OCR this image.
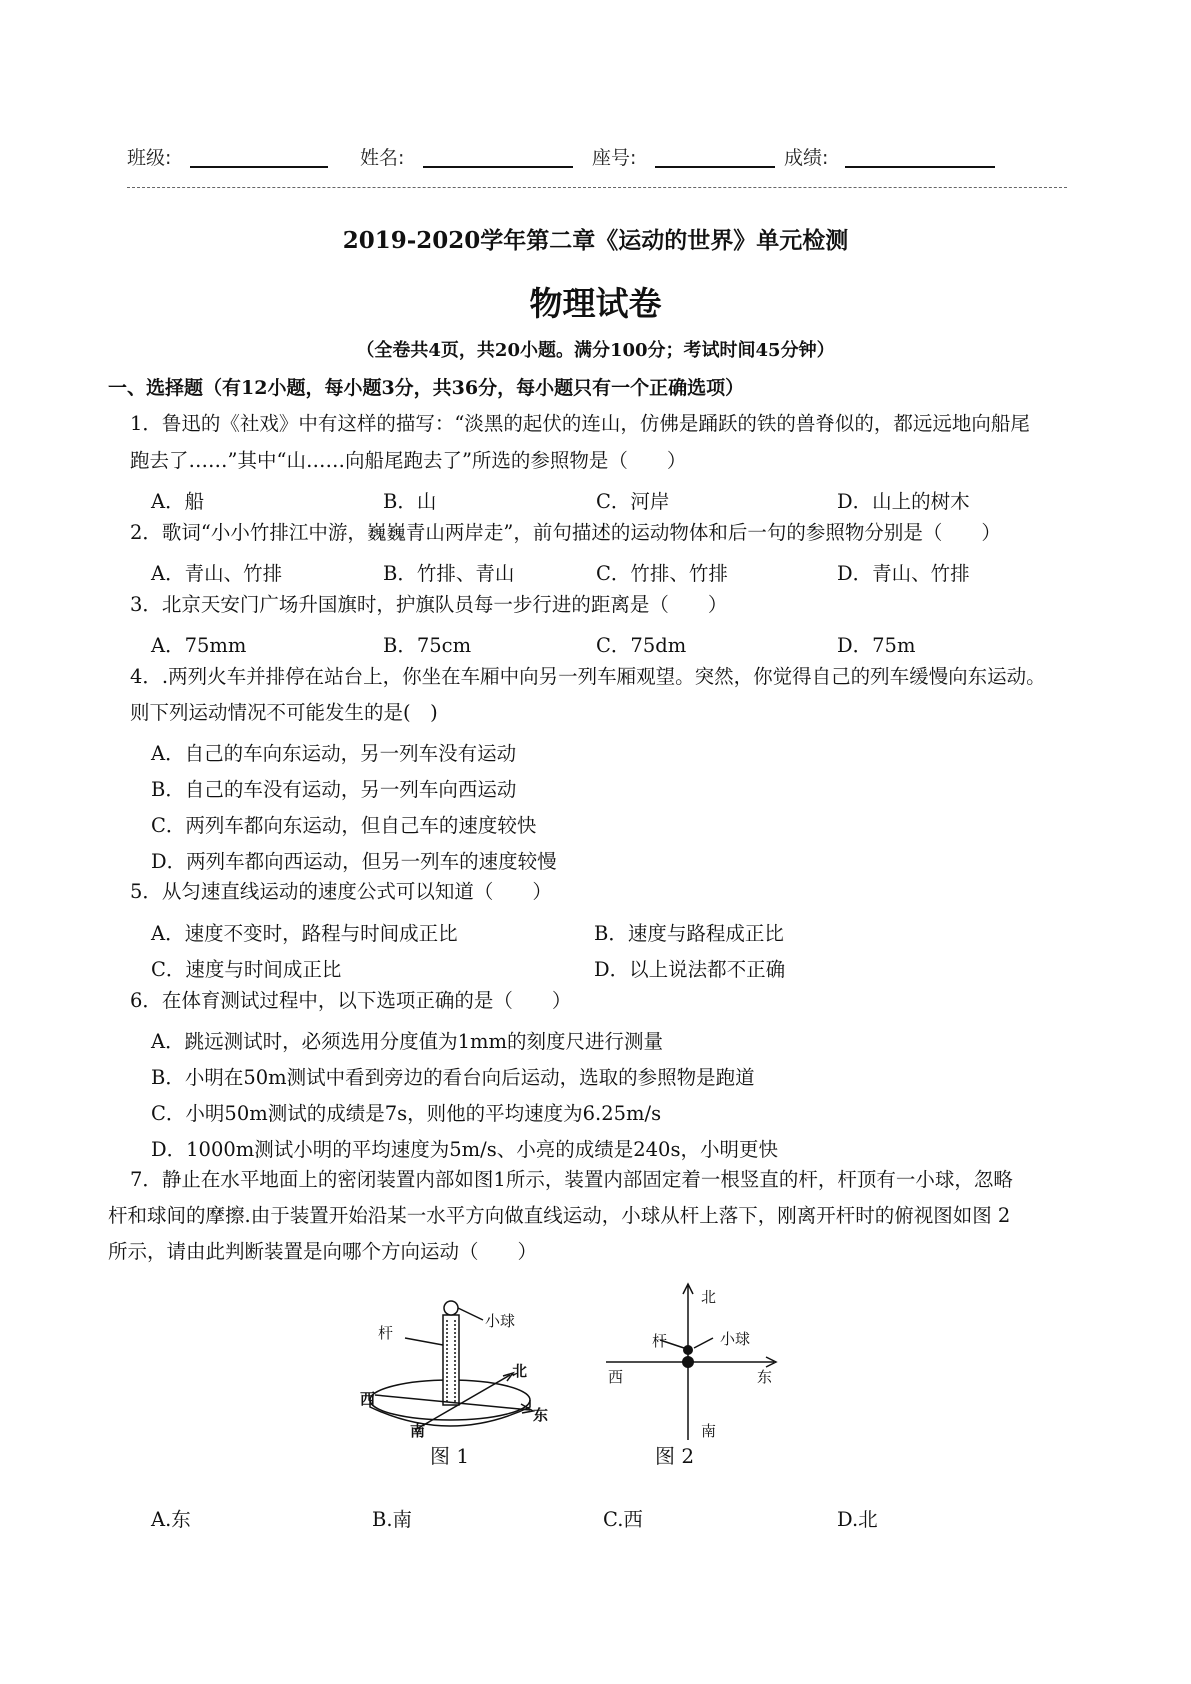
班级:	姓名:	座号:	成绩:
2019-2020学年第二章《运动的世界》单元检测
物理试卷
（全卷共4页，共20小题。满分100分；考试时间45分钟）
一、选择题（有12小题，每小题3分，共36分，每小题只有一个正确选项）
1．鲁迅的《社戏》中有这样的描写：“淡黑的起伏的连山，仿佛是踊跃的铁的兽脊似的，都远远地向船尾
跑去了……”其中“山……向船尾跑去了”所选的参照物是（　　）
A．船	B．山	C．河岸	D．山上的树木
2．歌词“小小竹排江中游，巍巍青山两岸走”，前句描述的运动物体和后一句的参照物分别是（　　）
A．青山、竹排	B．竹排、青山	C．竹排、竹排	D．青山、竹排
3．北京天安门广场升国旗时，护旗队员每一步行进的距离是（　　）
A．75mm	B．75cm	C．75dm	D．75m
4．.两列火车并排停在站台上，你坐在车厢中向另一列车厢观望。突然，你觉得自己的列车缓慢向东运动。
则下列运动情况不可能发生的是(　)
A．自己的车向东运动，另一列车没有运动
B．自己的车没有运动，另一列车向西运动
C．两列车都向东运动，但自己车的速度较快
D．两列车都向西运动，但另一列车的速度较慢
5．从匀速直线运动的速度公式可以知道（　　）
A．速度不变时，路程与时间成正比	B．速度与路程成正比
C．速度与时间成正比	D．以上说法都不正确
6．在体育测试过程中，以下选项正确的是（　　）
A．跳远测试时，必须选用分度值为1mm的刻度尺进行测量
B．小明在50m测试中看到旁边的看台向后运动，选取的参照物是跑道
C．小明50m测试的成绩是7s，则他的平均速度为6.25m/s
D．1000m测试小明的平均速度为5m/s、小亮的成绩是240s，小明更快
7．静止在水平地面上的密闭装置内部如图1所示，装置内部固定着一根竖直的杆，杆顶有一小球，忽略
杆和球间的摩擦.由于装置开始沿某一水平方向做直线运动，小球从杆上落下，刚离开杆时的俯视图如图 2
所示，请由此判断装置是向哪个方向运动（　　）
杆
小球
北
东
南
西
图 1
北
杆	小球
西	东
南
图 2
A.东	B.南	C.西	D.北
